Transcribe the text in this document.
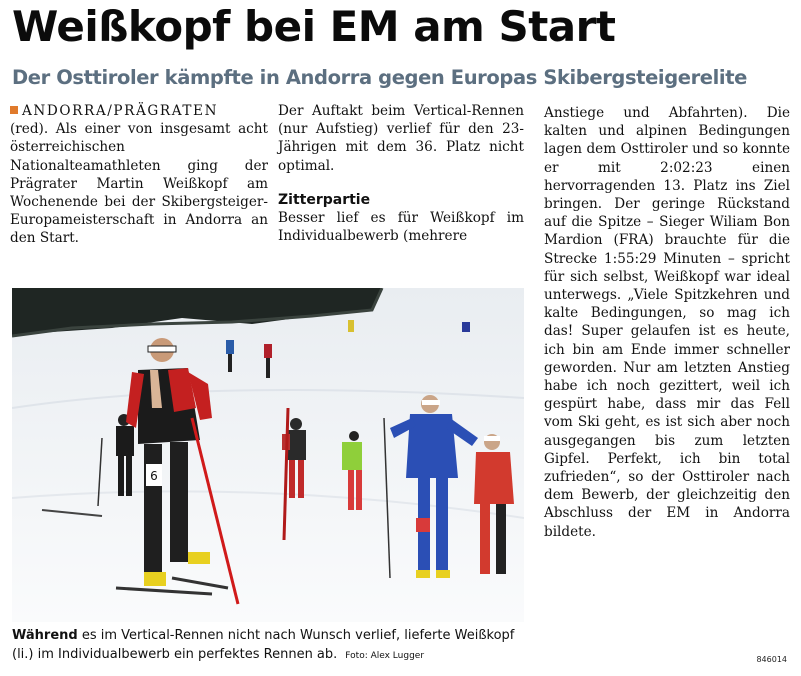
Weißkopf bei EM am Start
Der Osttiroler kämpfte in Andorra gegen Europas Skibergsteigerelite

ANDORRA/PRÄGRATEN
(red). Als einer von insgesamt acht österreichischen Nationalteamathleten ging der Prägrater Martin Weißkopf am Wochenende bei der Skibergsteiger-Europameisterschaft in Andorra an den Start.

Der Auftakt beim Vertical-Rennen (nur Aufstieg) verlief für den 23-Jährigen mit dem 36. Platz nicht optimal.

Zitterpartie

Besser lief es für Weißkopf im Individualbewerb (mehrere

Anstiege und Abfahrten). Die kalten und alpinen Bedingungen lagen dem Osttiroler und so konnte er mit 2:02:23 einen hervorragenden 13. Platz ins Ziel bringen. Der geringe Rückstand auf die Spitze – Sieger Wiliam Bon Mardion (FRA) brauchte für die Strecke 1:55:29 Minuten – spricht für sich selbst, Weißkopf war ideal unterwegs. „Viele Spitzkehren und kalte Bedingungen, so mag ich das! Super gelaufen ist es heute, ich bin am Ende immer schneller geworden. Nur am letzten Anstieg habe ich noch gezittert, weil ich gespürt habe, dass mir das Fell vom Ski geht, es ist sich aber noch ausgegangen bis zum letzten Gipfel. Perfekt, ich bin total zufrieden“, so der Osttiroler nach dem Bewerb, der gleichzeitig den Abschluss der EM in Andorra bildete.

6
Während es im Vertical-Rennen nicht nach Wunsch verlief, lieferte Weißkopf (li.) im Individualbewerb ein perfektes Rennen ab. Foto: Alex Lugger	846014
